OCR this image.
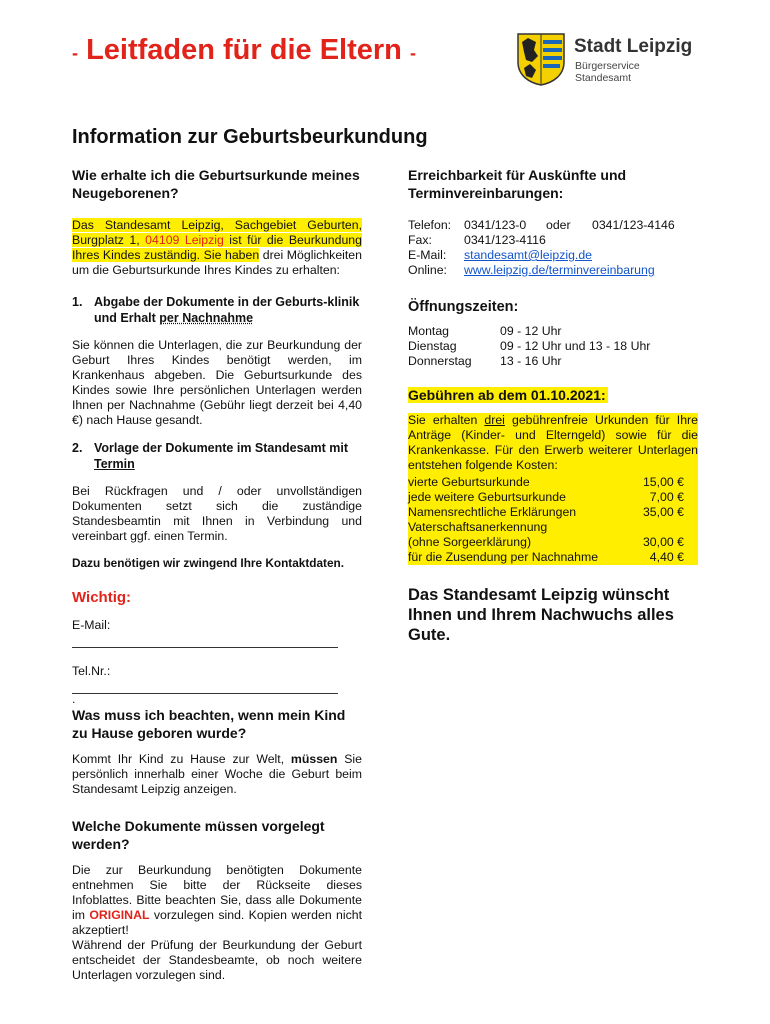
- Leitfaden für die Eltern -	Stadt Leipzig
Bürgerservice
Standesamt
Information zur Geburtsbeurkundung
Wie erhalte ich die Geburtsurkunde meines Neugeborenen?

Das Standesamt Leipzig, Sachgebiet Geburten, Burgplatz 1, 04109 Leipzig ist für die Beurkundung Ihres Kindes zuständig. Sie haben drei Möglichkeiten um die Geburtsurkunde Ihres Kindes zu erhalten:

1. Abgabe der Dokumente in der Geburts-klinik und Erhalt per Nachnahme

Sie können die Unterlagen, die zur Beurkundung der Geburt Ihres Kindes benötigt werden, im Krankenhaus abgeben. Die Geburtsurkunde des Kindes sowie Ihre persönlichen Unterlagen werden Ihnen per Nachnahme (Gebühr liegt derzeit bei 4,40 €) nach Hause gesandt.

2. Vorlage der Dokumente im Standesamt mit Termin

Bei Rückfragen und / oder unvollständigen Dokumenten setzt sich die zuständige Standesbeamtin mit Ihnen in Verbindung und vereinbart ggf. einen Termin.

Dazu benötigen wir zwingend Ihre Kontaktdaten.

Wichtig:

E-Mail:

Tel.Nr.:

.

Was muss ich beachten, wenn mein Kind zu Hause geboren wurde?

Kommt Ihr Kind zu Hause zur Welt, müssen Sie persönlich innerhalb einer Woche die Geburt beim Standesamt Leipzig anzeigen.

Welche Dokumente müssen vorgelegt werden?

Die zur Beurkundung benötigten Dokumente entnehmen Sie bitte der Rückseite dieses Infoblattes. Bitte beachten Sie, dass alle Dokumente im ORIGINAL vorzulegen sind. Kopien werden nicht akzeptiert!

Während der Prüfung der Beurkundung der Geburt entscheidet der Standesbeamte, ob noch weitere Unterlagen vorzulegen sind.

Erreichbarkeit für Auskünfte und Terminvereinbarungen:
Telefon:	0341/123-0	oder	0341/123-4146
Fax:	0341/123-4116		
E-Mail:	standesamt@leipzig.de		
Online:	www.leipzig.de/terminvereinbarung		
Öffnungszeiten:
Montag	09 - 12 Uhr
Dienstag	09 - 12 Uhr und 13 - 18 Uhr
Donnerstag	13 - 16 Uhr
Gebühren ab dem 01.10.2021:

Sie erhalten drei gebührenfreie Urkunden für Ihre Anträge (Kinder- und Elterngeld) sowie für die Krankenkasse. Für den Erwerb weiterer Unterlagen entstehen folgende Kosten:

vierte Geburtsurkunde	15,00 €
jede weitere Geburtsurkunde	7,00 €
Namensrechtliche Erklärungen	35,00 €
Vaterschaftsanerkennung	
(ohne Sorgeerklärung)	30,00 €
für die Zusendung per Nachnahme	4,40 €
Das Standesamt Leipzig wünscht Ihnen und Ihrem Nachwuchs alles Gute.
